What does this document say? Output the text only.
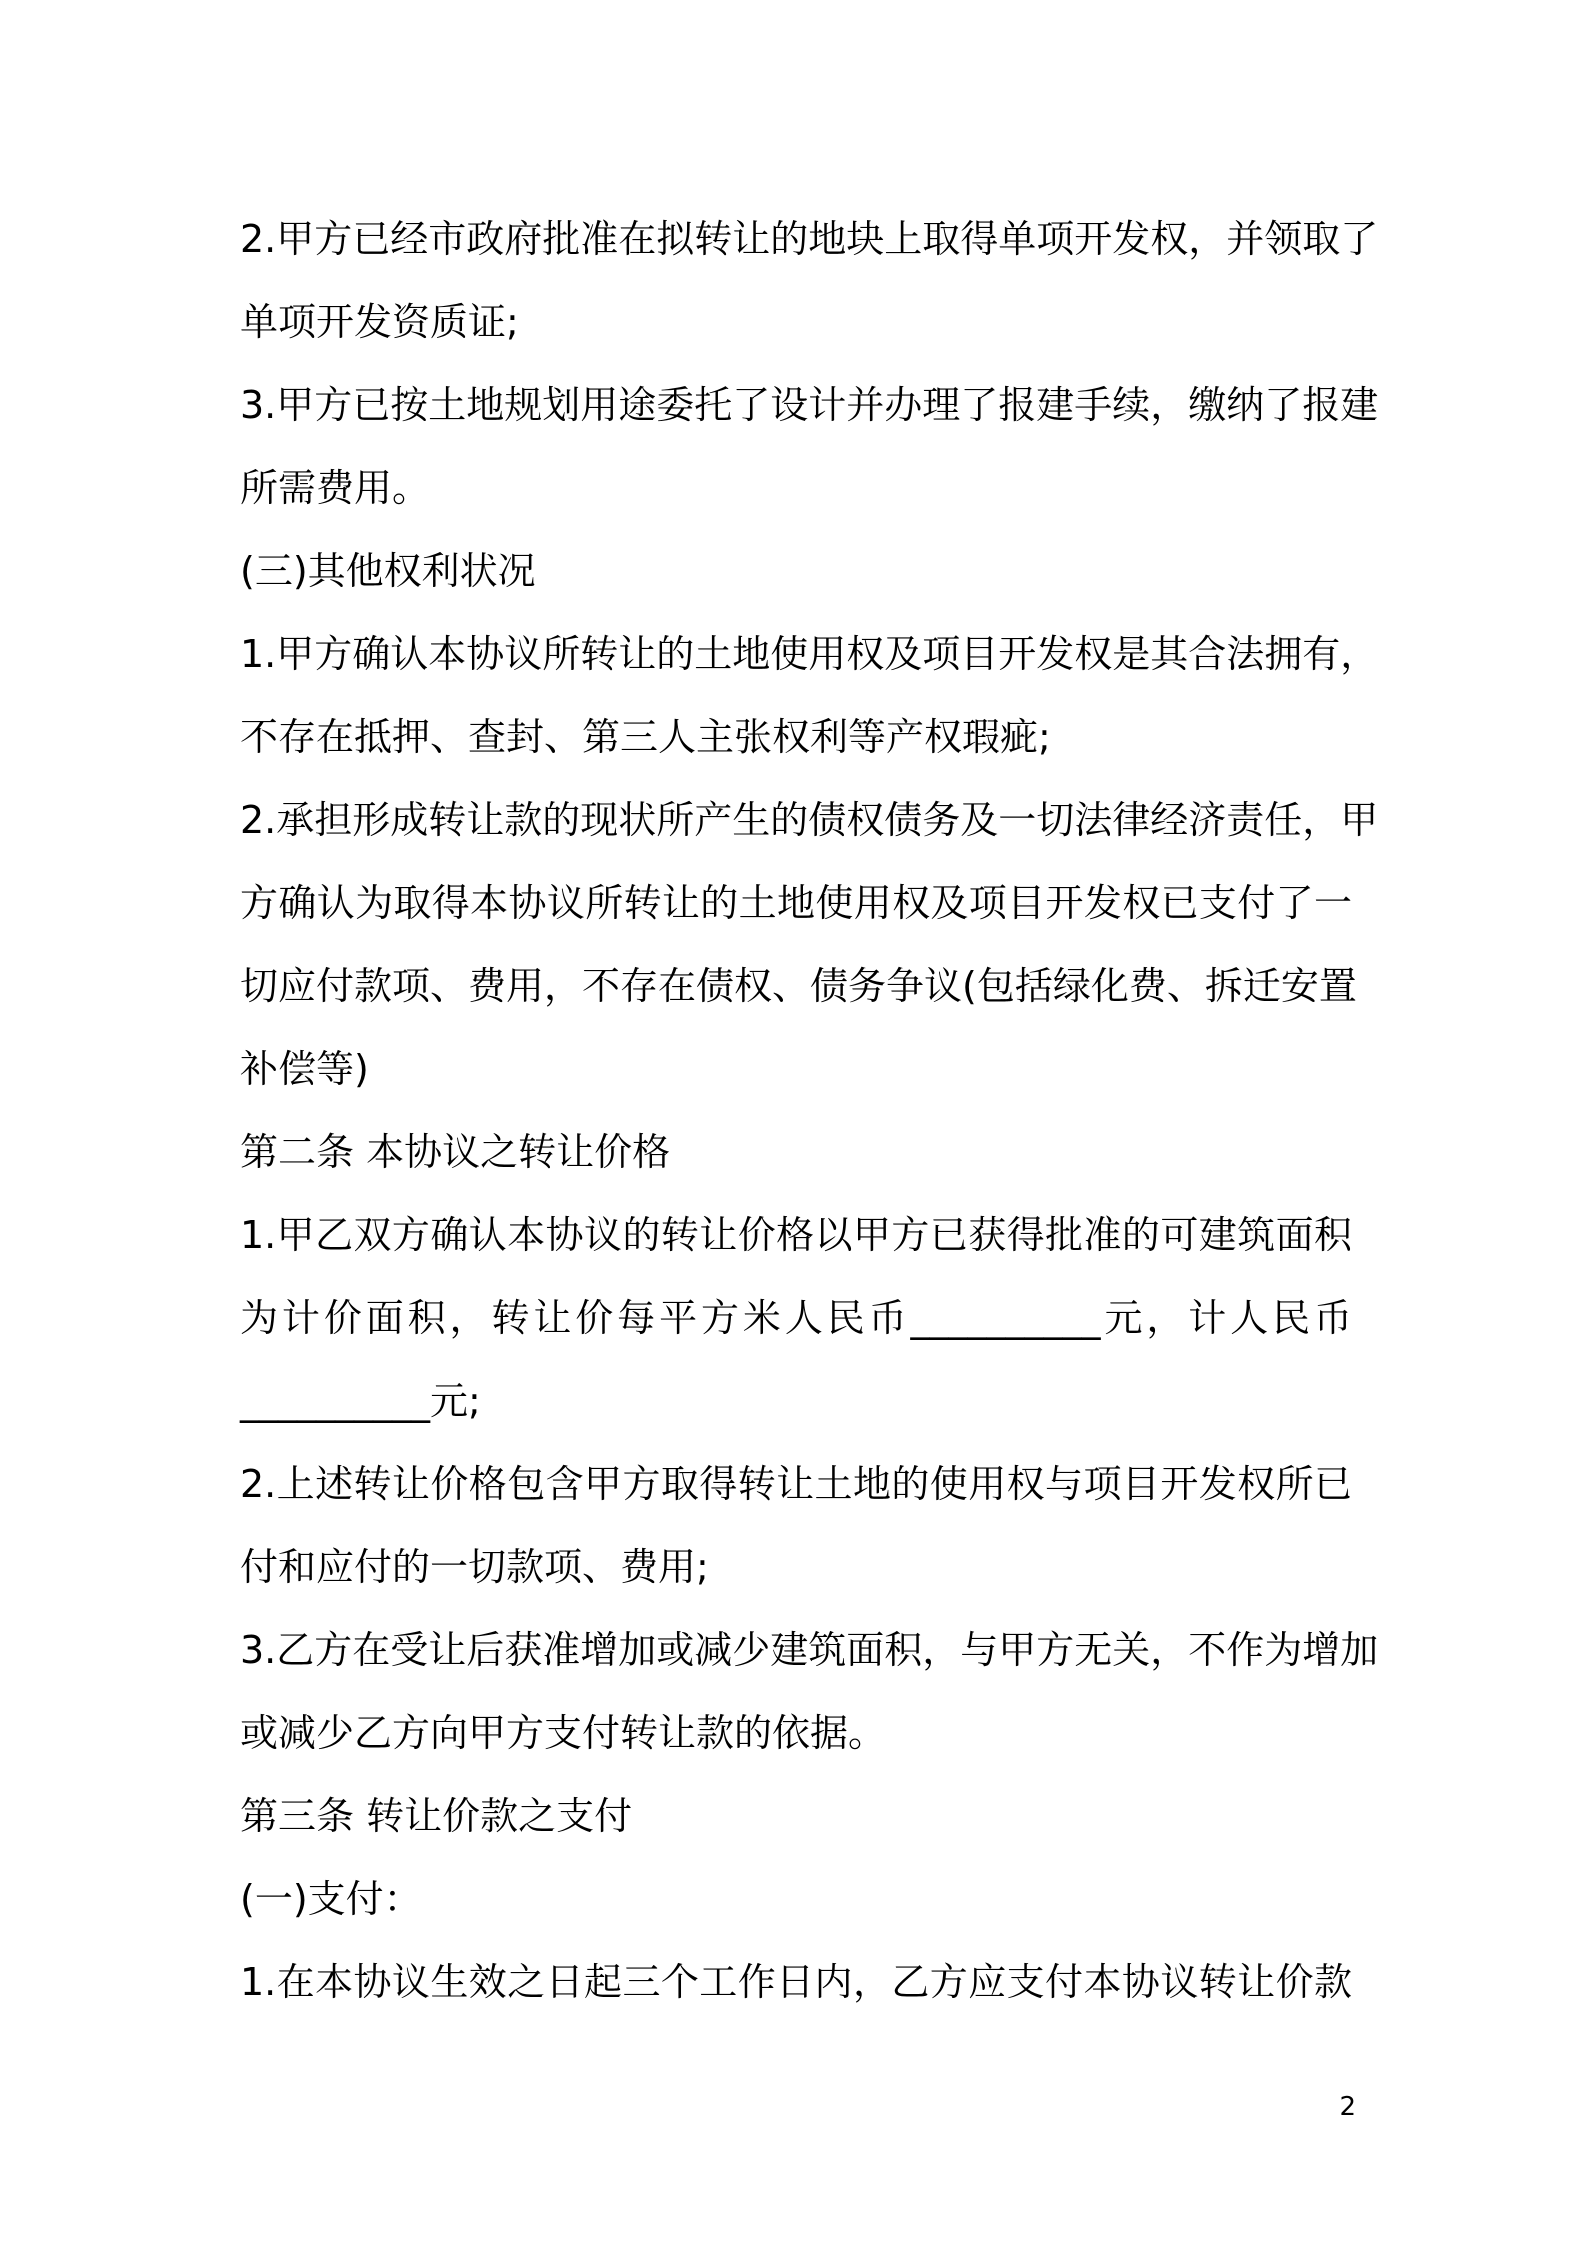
2.甲方已经市政府批准在拟转让的地块上取得单项开发权，并领取了
单项开发资质证;
3.甲方已按土地规划用途委托了设计并办理了报建手续，缴纳了报建
所需费用。
(三)其他权利状况
1.甲方确认本协议所转让的土地使用权及项目开发权是其合法拥有，
不存在抵押、查封、第三人主张权利等产权瑕疵;
2.承担形成转让款的现状所产生的债权债务及一切法律经济责任，甲
方确认为取得本协议所转让的土地使用权及项目开发权已支付了一
切应付款项、费用，不存在债权、债务争议(包括绿化费、拆迁安置
补偿等)
第二条 本协议之转让价格
1.甲乙双方确认本协议的转让价格以甲方已获得批准的可建筑面积
为计价面积，转让价每平方米人民币__________元，计人民币
__________元;
2.上述转让价格包含甲方取得转让土地的使用权与项目开发权所已
付和应付的一切款项、费用;
3.乙方在受让后获准增加或减少建筑面积，与甲方无关，不作为增加
或减少乙方向甲方支付转让款的依据。
第三条 转让价款之支付
(一)支付：
1.在本协议生效之日起三个工作日内，乙方应支付本协议转让价款
2
